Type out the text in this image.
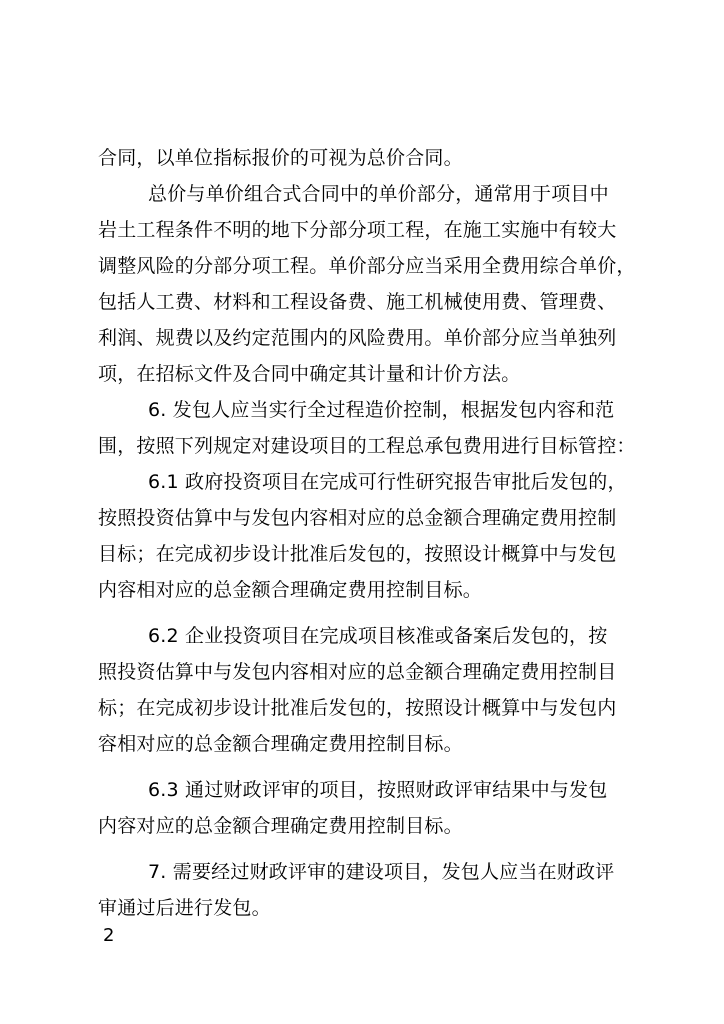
合同，以单位指标报价的可视为总价合同。
总价与单价组合式合同中的单价部分，通常用于项目中
岩土工程条件不明的地下分部分项工程，在施工实施中有较大
调整风险的分部分项工程。单价部分应当采用全费用综合单价，
包括人工费、材料和工程设备费、施工机械使用费、管理费、
利润、规费以及约定范围内的风险费用。单价部分应当单独列
项，在招标文件及合同中确定其计量和计价方法。
6. 发包人应当实行全过程造价控制，根据发包内容和范
围，按照下列规定对建设项目的工程总承包费用进行目标管控：
6.1 政府投资项目在完成可行性研究报告审批后发包的，
按照投资估算中与发包内容相对应的总金额合理确定费用控制
目标；在完成初步设计批准后发包的，按照设计概算中与发包
内容相对应的总金额合理确定费用控制目标。
6.2 企业投资项目在完成项目核准或备案后发包的，按
照投资估算中与发包内容相对应的总金额合理确定费用控制目
标；在完成初步设计批准后发包的，按照设计概算中与发包内
容相对应的总金额合理确定费用控制目标。
6.3 通过财政评审的项目，按照财政评审结果中与发包
内容对应的总金额合理确定费用控制目标。
7. 需要经过财政评审的建设项目，发包人应当在财政评
审通过后进行发包。
2
